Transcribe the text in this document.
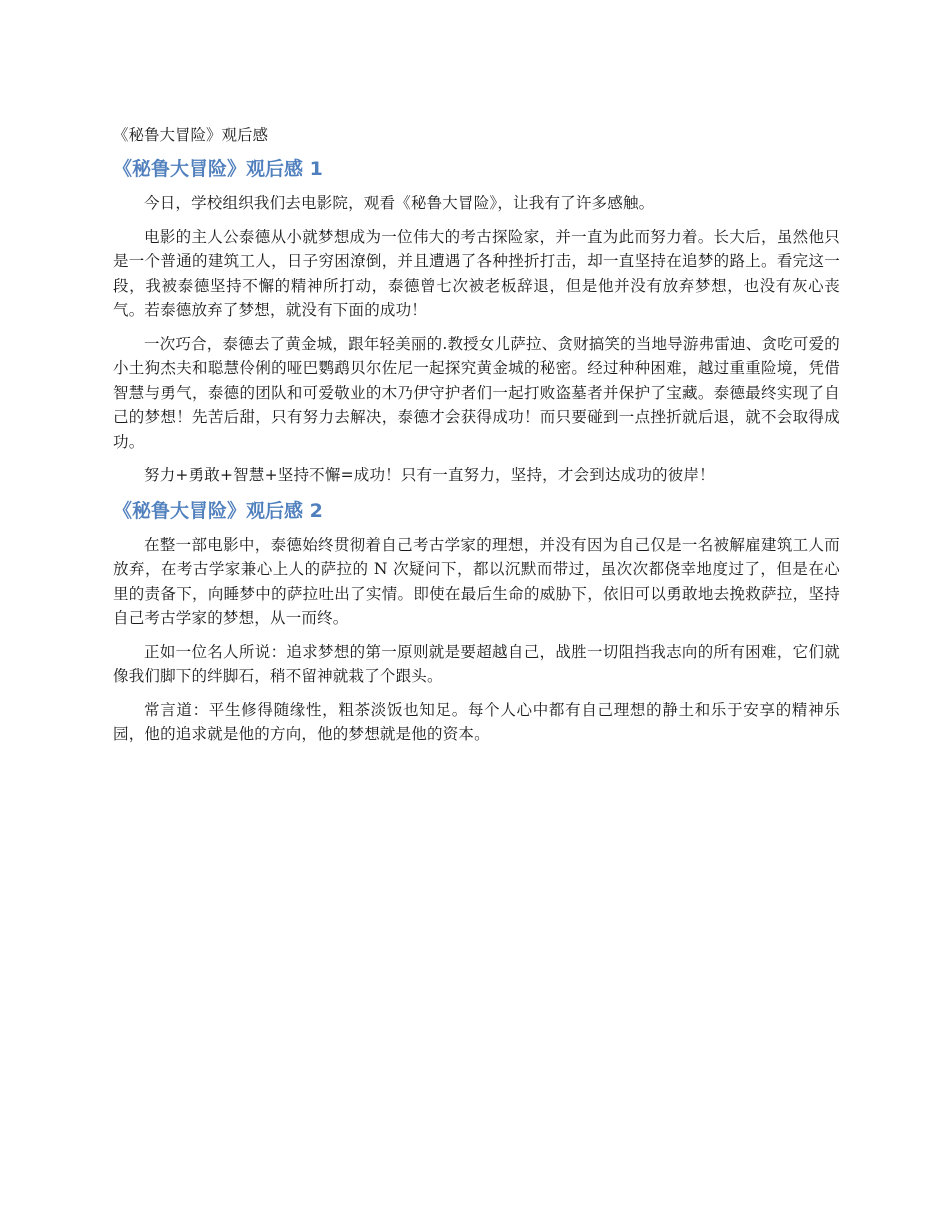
《秘鲁大冒险》观后感
《秘鲁大冒险》观后感 1

今日，学校组织我们去电影院，观看《秘鲁大冒险》，让我有了许多感触。

电影的主人公泰德从小就梦想成为一位伟大的考古探险家，并一直为此而努力着。长大后，虽然他只是一个普通的建筑工人，日子穷困潦倒，并且遭遇了各种挫折打击，却一直坚持在追梦的路上。看完这一段，我被泰德坚持不懈的精神所打动，泰德曾七次被老板辞退，但是他并没有放弃梦想，也没有灰心丧气。若泰德放弃了梦想，就没有下面的成功！

一次巧合，泰德去了黄金城，跟年轻美丽的.教授女儿萨拉、贪财搞笑的当地导游弗雷迪、贪吃可爱的小土狗杰夫和聪慧伶俐的哑巴鹦鹉贝尔佐尼一起探究黄金城的秘密。经过种种困难，越过重重险境，凭借智慧与勇气，泰德的团队和可爱敬业的木乃伊守护者们一起打败盗墓者并保护了宝藏。泰德最终实现了自己的梦想！先苦后甜，只有努力去解决，泰德才会获得成功！而只要碰到一点挫折就后退，就不会取得成功。

努力+勇敢+智慧+坚持不懈=成功！只有一直努力，坚持，才会到达成功的彼岸！

《秘鲁大冒险》观后感 2

在整一部电影中，泰德始终贯彻着自己考古学家的理想，并没有因为自己仅是一名被解雇建筑工人而放弃，在考古学家兼心上人的萨拉的 N 次疑问下，都以沉默而带过，虽次次都侥幸地度过了，但是在心里的责备下，向睡梦中的萨拉吐出了实情。即使在最后生命的威胁下，依旧可以勇敢地去挽救萨拉，坚持自己考古学家的梦想，从一而终。

正如一位名人所说：追求梦想的第一原则就是要超越自己，战胜一切阻挡我志向的所有困难，它们就像我们脚下的绊脚石，稍不留神就栽了个跟头。

常言道：平生修得随缘性，粗茶淡饭也知足。每个人心中都有自己理想的静土和乐于安享的精神乐园，他的追求就是他的方向，他的梦想就是他的资本。
